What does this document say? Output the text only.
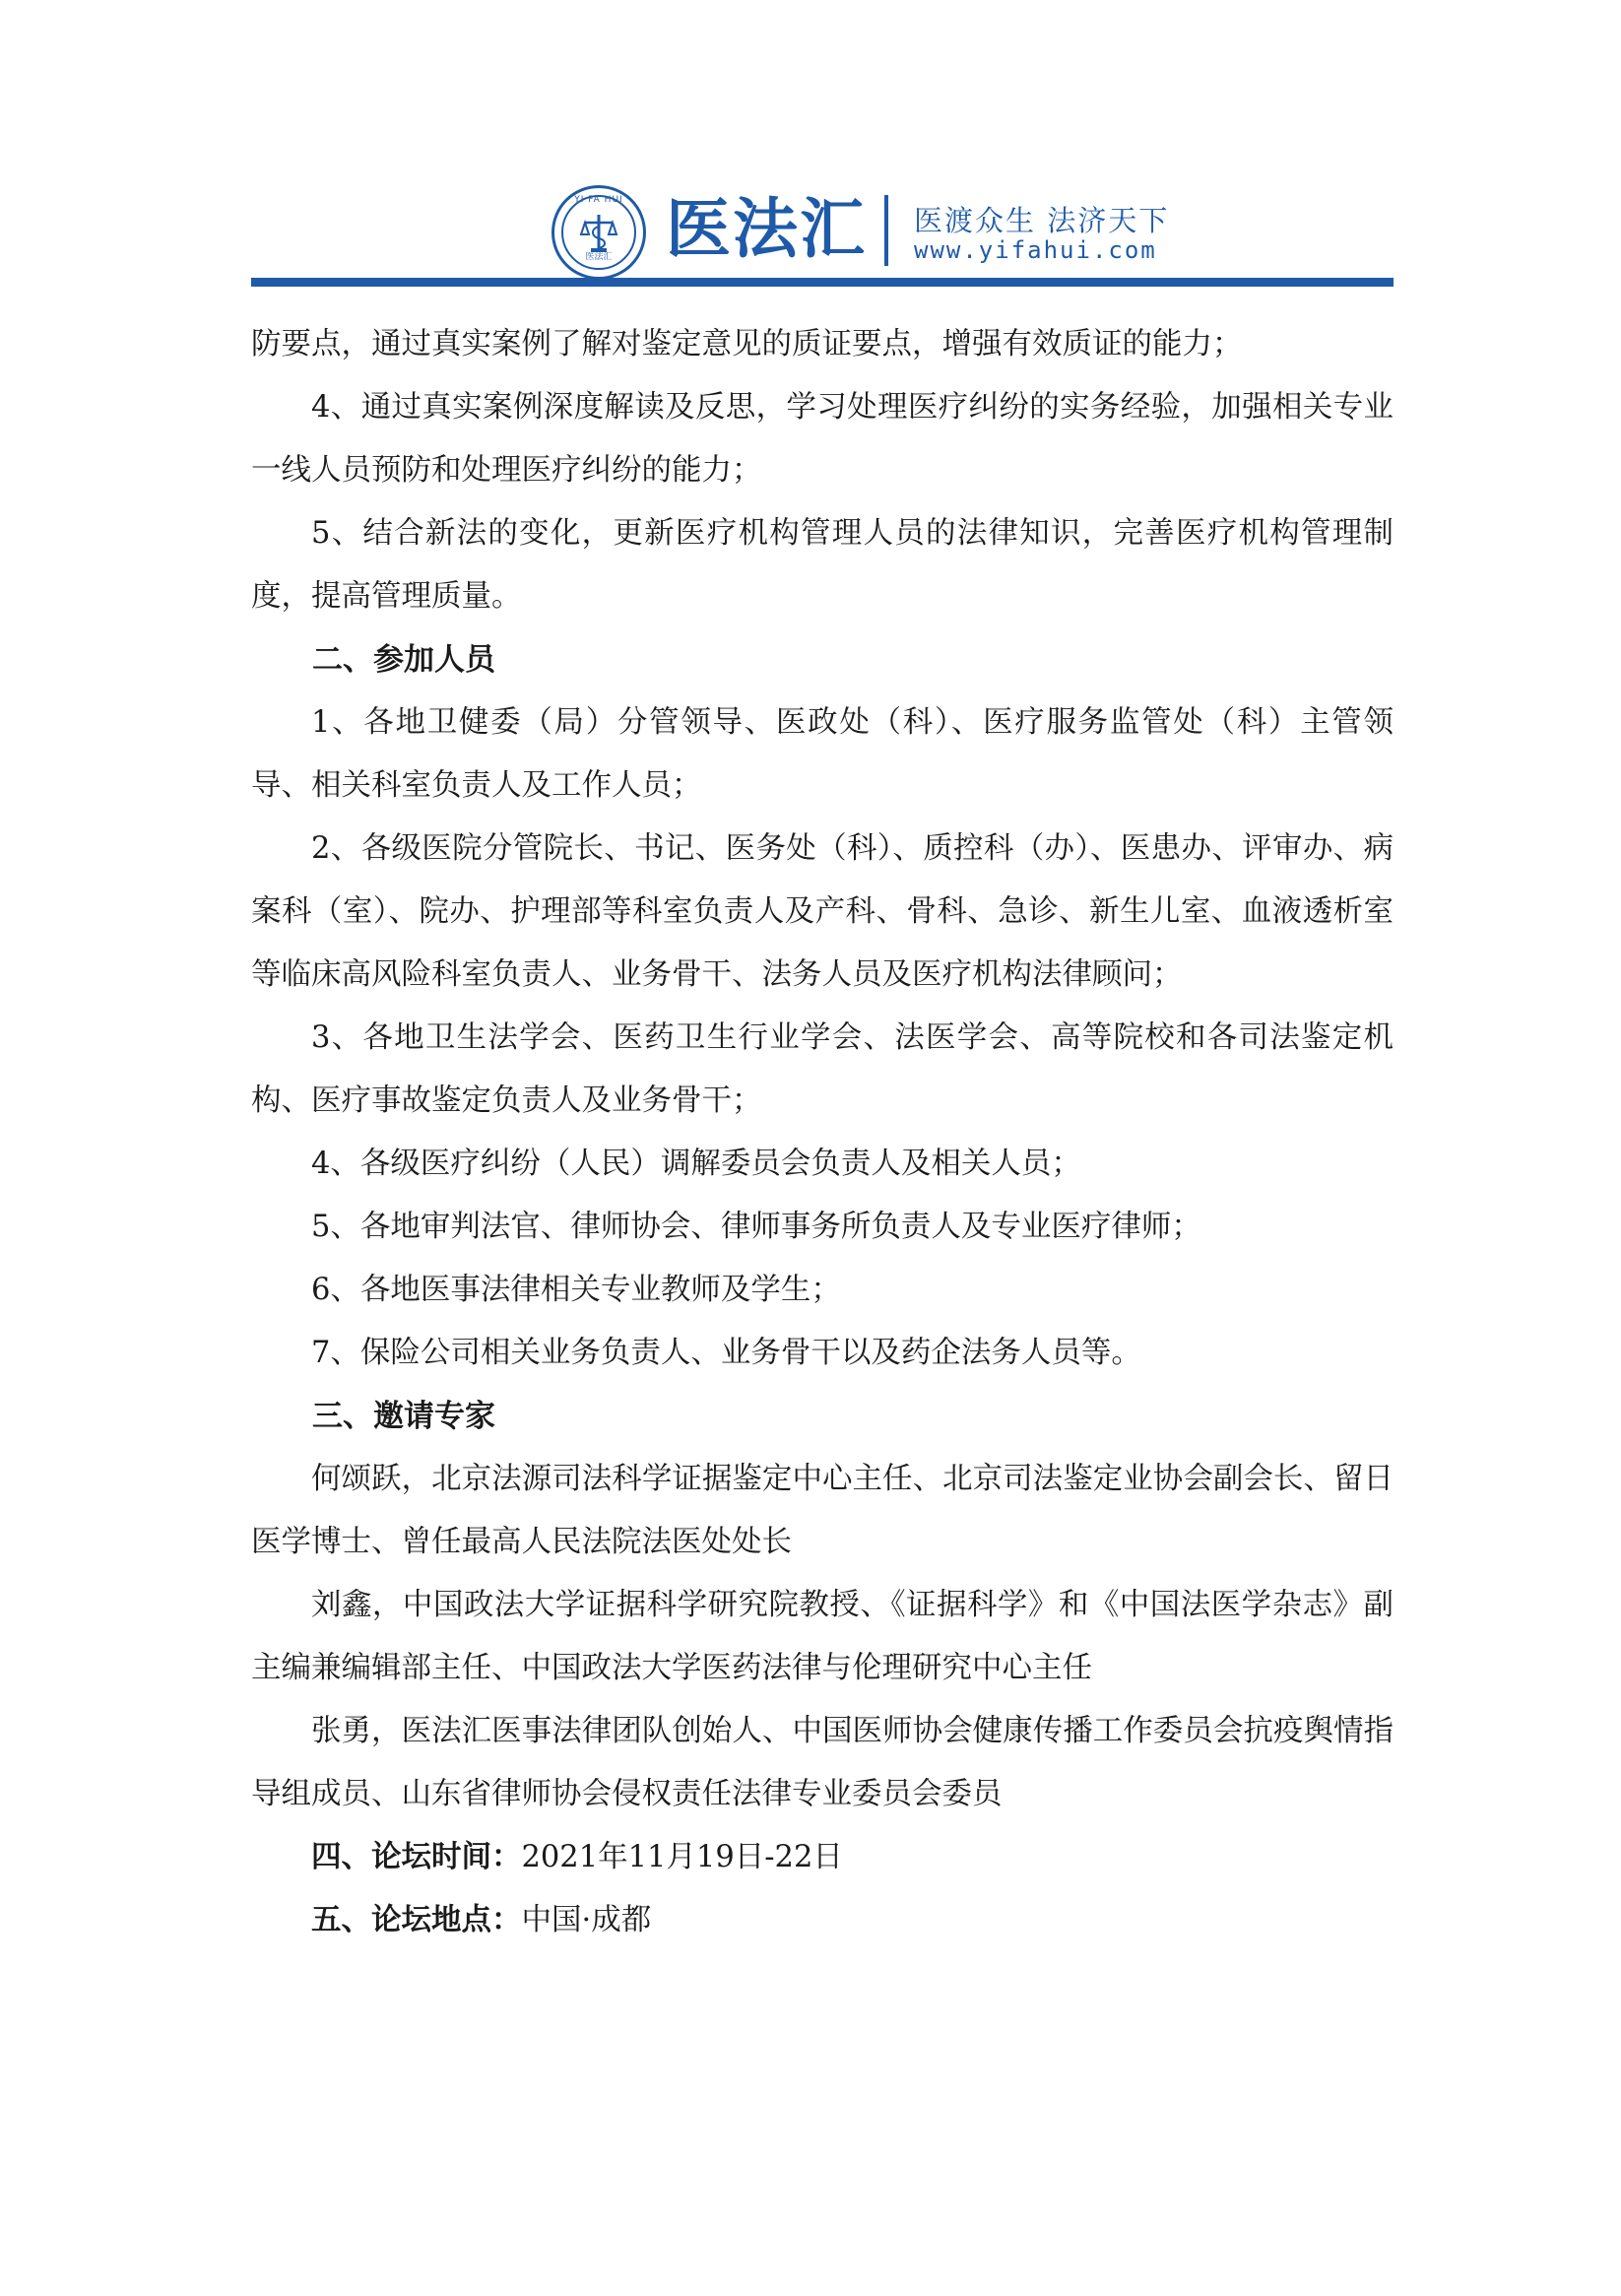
YI FA HUI
医法汇 医法汇 医渡众生 法济天下
www.yifahui.com

防要点，通过真实案例了解对鉴定意见的质证要点，增强有效质证的能力；

4、通过真实案例深度解读及反思，学习处理医疗纠纷的实务经验，加强相关专业一线人员预防和处理医疗纠纷的能力；

5、结合新法的变化，更新医疗机构管理人员的法律知识，完善医疗机构管理制度，提高管理质量。

二、参加人员

1、各地卫健委（局）分管领导、医政处（科）、医疗服务监管处（科）主管领导、相关科室负责人及工作人员；

2、各级医院分管院长、书记、医务处（科）、质控科（办）、医患办、评审办、病案科（室）、院办、护理部等科室负责人及产科、骨科、急诊、新生儿室、血液透析室等临床高风险科室负责人、业务骨干、法务人员及医疗机构法律顾问；

3、各地卫生法学会、医药卫生行业学会、法医学会、高等院校和各司法鉴定机构、医疗事故鉴定负责人及业务骨干；

4、各级医疗纠纷（人民）调解委员会负责人及相关人员；

5、各地审判法官、律师协会、律师事务所负责人及专业医疗律师；

6、各地医事法律相关专业教师及学生；

7、保险公司相关业务负责人、业务骨干以及药企法务人员等。

三、邀请专家

何颂跃，北京法源司法科学证据鉴定中心主任、北京司法鉴定业协会副会长、留日医学博士、曾任最高人民法院法医处处长

刘鑫，中国政法大学证据科学研究院教授、《证据科学》和《中国法医学杂志》副主编兼编辑部主任、中国政法大学医药法律与伦理研究中心主任

张勇，医法汇医事法律团队创始人、中国医师协会健康传播工作委员会抗疫舆情指导组成员、山东省律师协会侵权责任法律专业委员会委员

四、论坛时间：2021年11月19日-22日

五、论坛地点：中国·成都
